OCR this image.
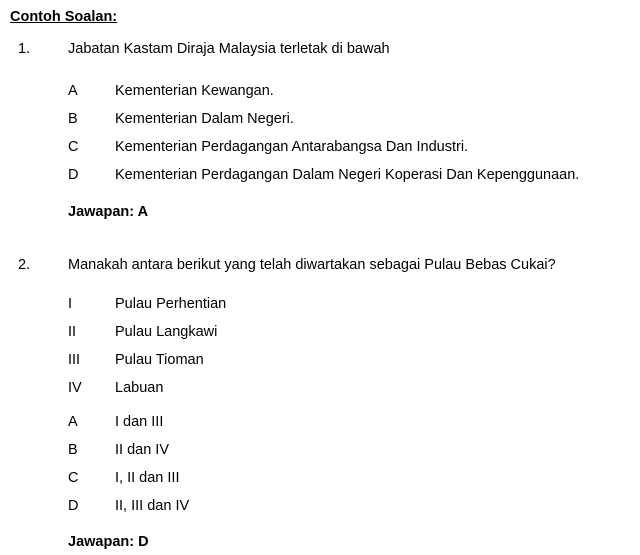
Contoh Soalan:
1.	Jabatan Kastam Diraja Malaysia terletak di bawah
A	Kementerian Kewangan.
B	Kementerian Dalam Negeri.
C	Kementerian Perdagangan Antarabangsa Dan Industri.
D	Kementerian Perdagangan Dalam Negeri Koperasi Dan Kepenggunaan.
Jawapan: A
2.	Manakah antara berikut yang telah diwartakan sebagai Pulau Bebas Cukai?
I	Pulau Perhentian
II	Pulau Langkawi
III	Pulau Tioman
IV	Labuan
A	I dan III
B	II dan IV
C	I, II dan III
D	II, III dan IV
Jawapan: D
